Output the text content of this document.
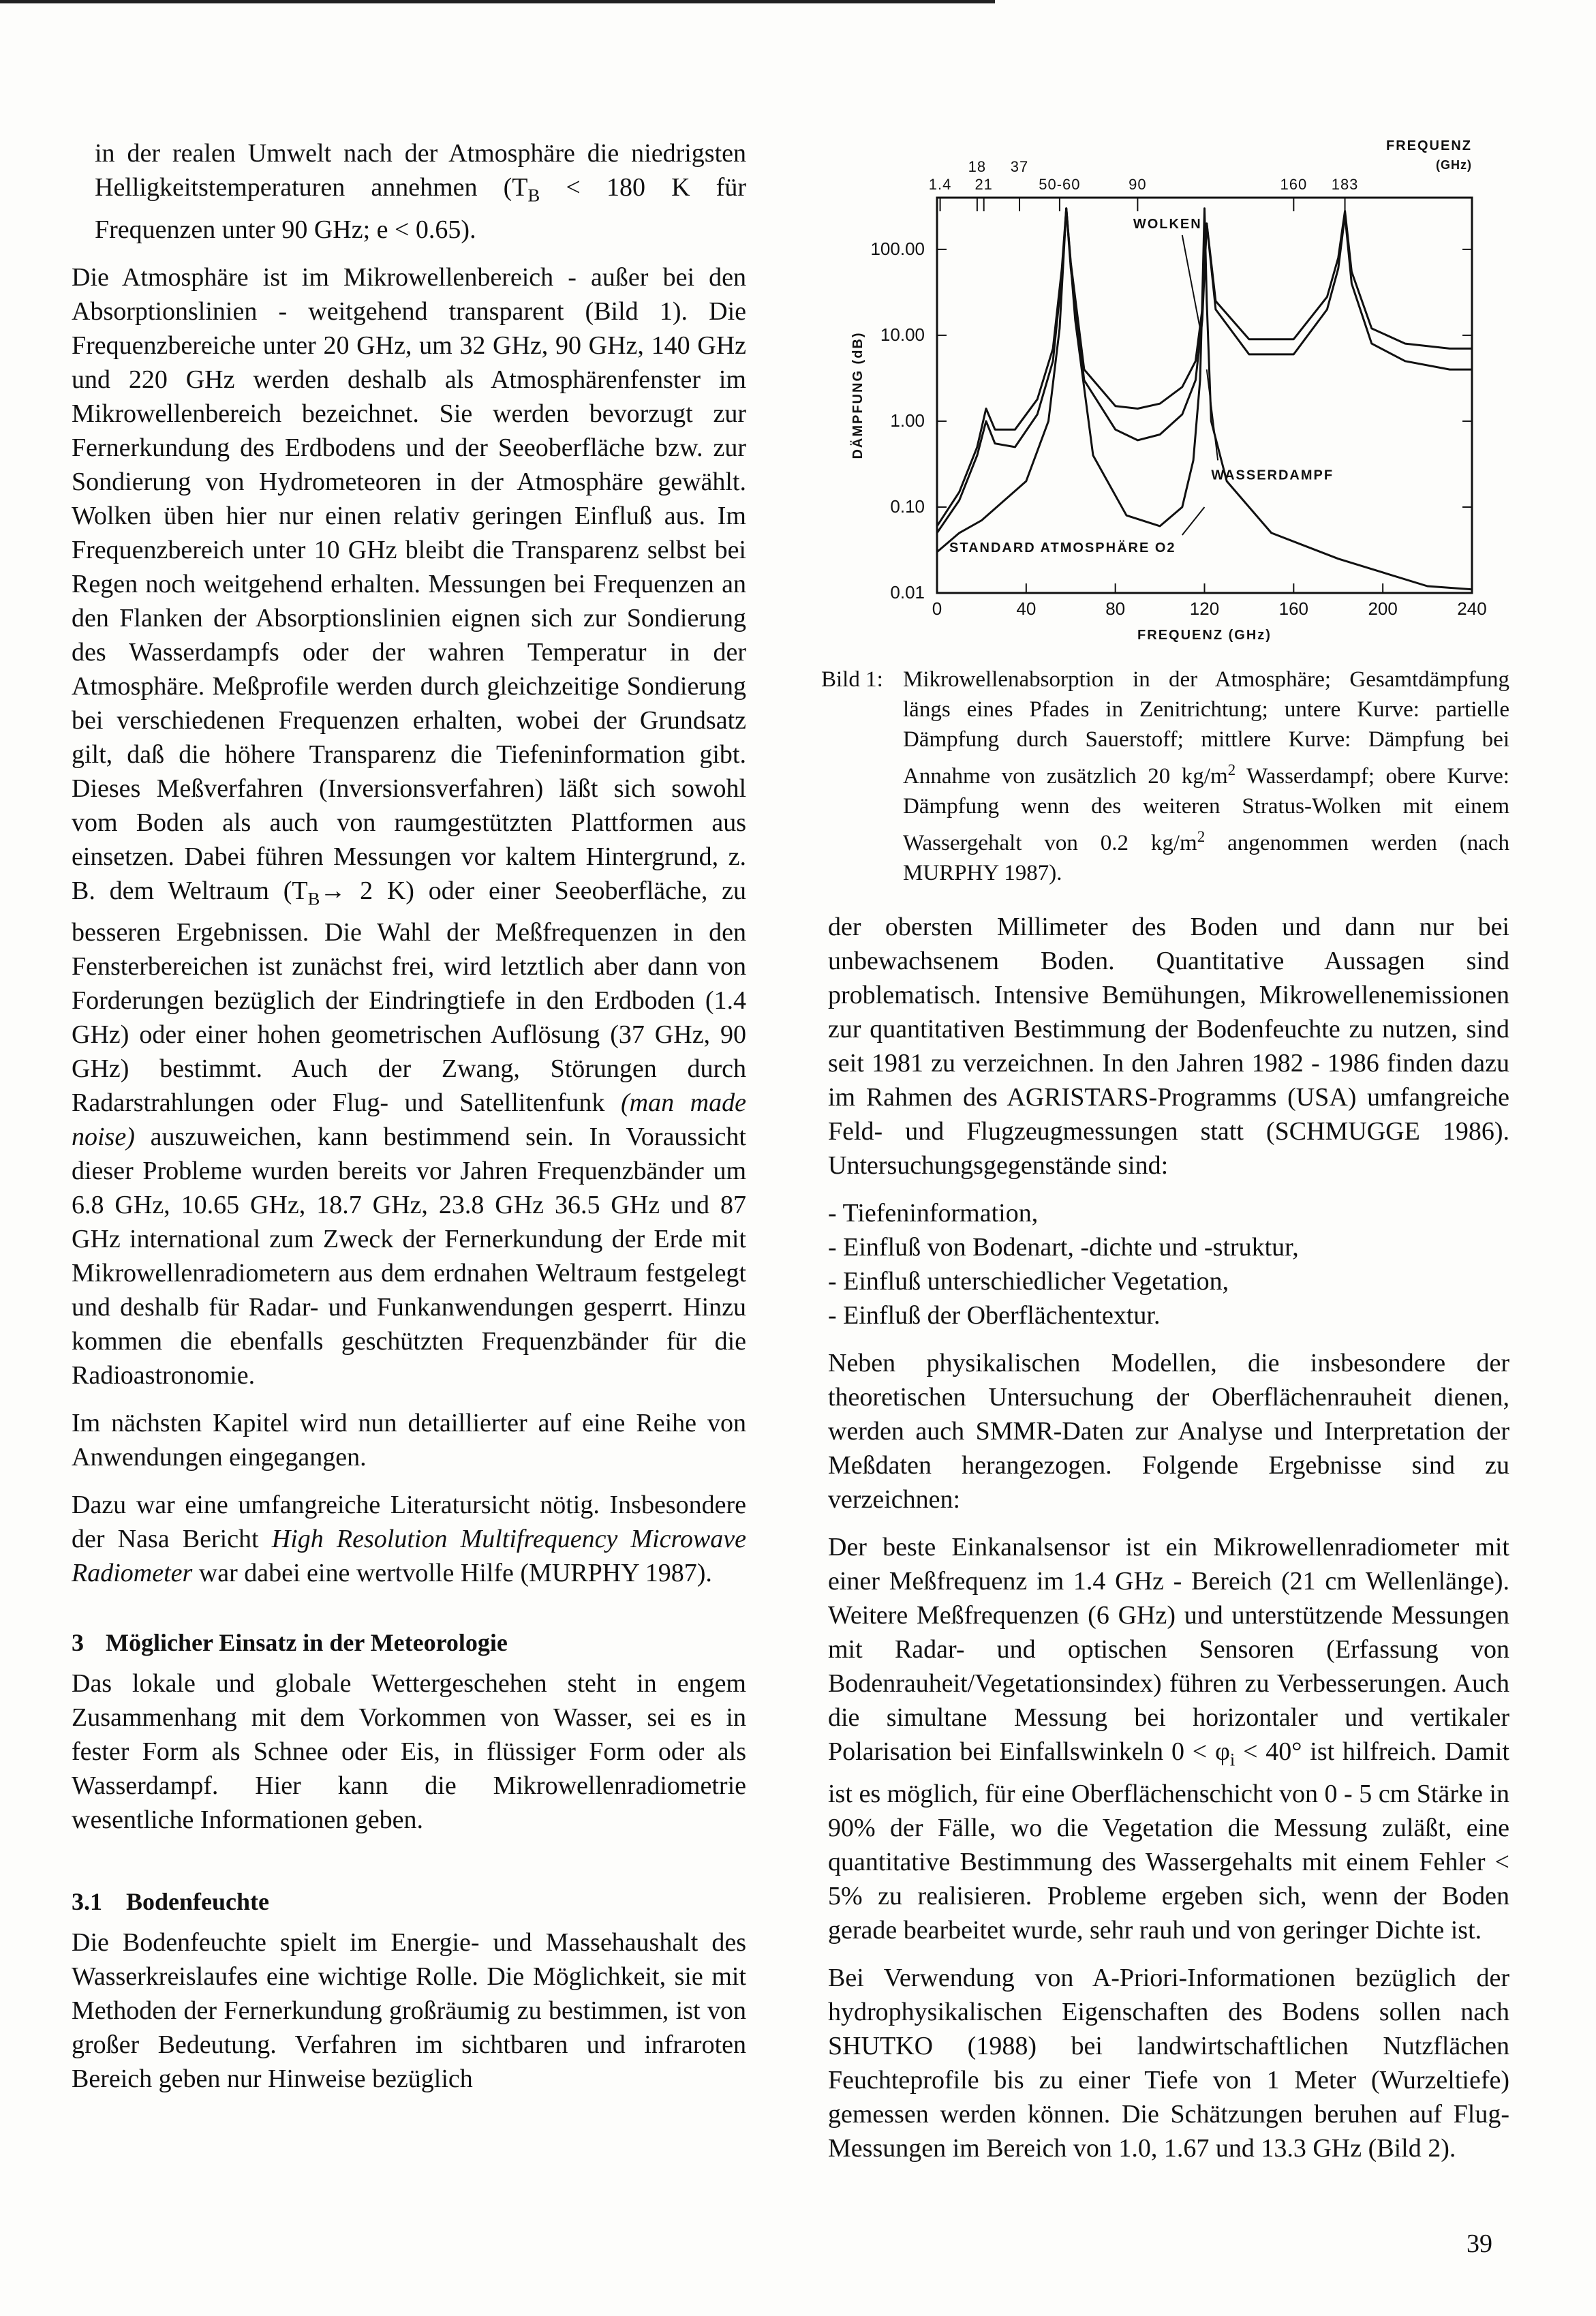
in der realen Umwelt nach der Atmosphäre die niedrigsten Helligkeitstemperaturen annehmen ($T_B < 180$ K für Frequenzen unter 90 GHz; e < 0.65).

Die Atmosphäre ist im Mikrowellenbereich - außer bei den Absorptionslinien - weitgehend transparent (Bild 1). Die Frequenzbereiche unter 20 GHz, um 32 GHz, 90 GHz, 140 GHz und 220 GHz werden deshalb als Atmosphärenfenster im Mikrowellenbereich bezeichnet. Sie werden bevorzugt zur Fernerkundung des Erdbodens und der Seeoberfläche bzw. zur Sondierung von Hydrometeoren in der Atmosphäre gewählt. Wolken üben hier nur einen relativ geringen Einfluß aus. Im Frequenzbereich unter 10 GHz bleibt die Transparenz selbst bei Regen noch weitgehend erhalten. Messungen bei Frequenzen an den Flanken der Absorptionslinien eignen sich zur Sondierung des Wasserdampfs oder der wahren Temperatur in der Atmosphäre. Meßprofile werden durch gleichzeitige Sondierung bei verschiedenen Frequenzen erhalten, wobei der Grundsatz gilt, daß die höhere Transparenz die Tiefeninformation gibt. Dieses Meßverfahren (Inversionsverfahren) läßt sich sowohl vom Boden als auch von raumgestützten Plattformen aus einsetzen. Dabei führen Messungen vor kaltem Hintergrund, z. B. dem Weltraum ($T_B\to 2$ K) oder einer Seeoberfläche, zu besseren Ergebnissen. Die Wahl der Meßfrequenzen in den Fensterbereichen ist zunächst frei, wird letztlich aber dann von Forderungen bezüglich der Eindringtiefe in den Erdboden (1.4 GHz) oder einer hohen geometrischen Auflösung (37 GHz, 90 GHz) bestimmt. Auch der Zwang, Störungen durch Radarstrahlungen oder Flug- und Satellitenfunk (man made noise) auszuweichen, kann bestimmend sein. In Voraussicht dieser Probleme wurden bereits vor Jahren Frequenzbänder um 6.8 GHz, 10.65 GHz, 18.7 GHz, 23.8 GHz 36.5 GHz und 87 GHz international zum Zweck der Fernerkundung der Erde mit Mikrowellenradiometern aus dem erdnahen Weltraum festgelegt und deshalb für Radar- und Funkanwendungen gesperrt. Hinzu kommen die ebenfalls geschützten Frequenzbänder für die Radioastronomie.

Im nächsten Kapitel wird nun detaillierter auf eine Reihe von Anwendungen eingegangen.

Dazu war eine umfangreiche Literatursicht nötig. Insbesondere der Nasa Bericht High Resolution Multifrequency Microwave Radiometer war dabei eine wertvolle Hilfe (MURPHY 1987).

3 Möglicher Einsatz in der Meteorologie

Das lokale und globale Wettergeschehen steht in engem Zusammenhang mit dem Vorkommen von Wasser, sei es in fester Form als Schnee oder Eis, in flüssiger Form oder als Wasserdampf. Hier kann die Mikrowellenradiometrie wesentliche Informationen geben.

3.1 Bodenfeuchte

Die Bodenfeuchte spielt im Energie- und Massehaushalt des Wasserkreislaufes eine wichtige Rolle. Die Möglichkeit, sie mit Methoden der Fernerkundung großräumig zu bestimmen, ist von großer Bedeutung. Verfahren im sichtbaren und infraroten Bereich geben nur Hinweise bezüglich

0.01
0.10
1.00
10.00
100.00
0	40	80	120	160	200	240
1.4
18
21
37
50-60	90	160 183
FREQUENZ
(GHz)
FREQUENZ (GHz)
DÄMPFUNG (dB)
WOLKEN
WASSERDAMPF
STANDARD ATMOSPHÄRE O2
Bild 1: Mikrowellenabsorption in der Atmosphäre; Gesamtdämpfung längs eines Pfades in Zenitrichtung; untere Kurve: partielle Dämpfung durch Sauerstoff; mittlere Kurve: Dämpfung bei Annahme von zusätzlich 20 $kg/m^2$ Wasserdampf; obere Kurve: Dämpfung wenn des weiteren Stratus-Wolken mit einem Wassergehalt von 0.2 $kg/m^2$ angenommen werden (nach MURPHY 1987).

der obersten Millimeter des Boden und dann nur bei unbewachsenem Boden. Quantitative Aussagen sind problematisch. Intensive Bemühungen, Mikrowellenemissionen zur quantitativen Bestimmung der Bodenfeuchte zu nutzen, sind seit 1981 zu verzeichnen. In den Jahren 1982 - 1986 finden dazu im Rahmen des AGRISTARS-Programms (USA) umfangreiche Feld- und Flugzeugmessungen statt (SCHMUGGE 1986). Untersuchungsgegenstände sind:

- Tiefeninformation,
- Einfluß von Bodenart, -dichte und -struktur,
- Einfluß unterschiedlicher Vegetation,
- Einfluß der Oberflächentextur.

Neben physikalischen Modellen, die insbesondere der theoretischen Untersuchung der Oberflächenrauheit dienen, werden auch SMMR-Daten zur Analyse und Interpretation der Meßdaten herangezogen. Folgende Ergebnisse sind zu verzeichnen:

Der beste Einkanalsensor ist ein Mikrowellenradiometer mit einer Meßfrequenz im 1.4 GHz - Bereich (21 cm Wellenlänge). Weitere Meßfrequenzen (6 GHz) und unterstützende Messungen mit Radar- und optischen Sensoren (Erfassung von Bodenrauheit/Vegetationsindex) führen zu Verbesserungen. Auch die simultane Messung bei horizontaler und vertikaler Polarisation bei Einfallswinkeln $0 < \varphi_i < 40^\circ$ ist hilfreich. Damit ist es möglich, für eine Oberflächenschicht von 0 - 5 cm Stärke in 90% der Fälle, wo die Vegetation die Messung zuläßt, eine quantitative Bestimmung des Wassergehalts mit einem Fehler < 5% zu realisieren. Probleme ergeben sich, wenn der Boden gerade bearbeitet wurde, sehr rauh und von geringer Dichte ist.

Bei Verwendung von A-Priori-Informationen bezüglich der hydrophysikalischen Eigenschaften des Bodens sollen nach SHUTKO (1988) bei landwirtschaftlichen Nutzflächen Feuchteprofile bis zu einer Tiefe von 1 Meter (Wurzeltiefe) gemessen werden können. Die Schätzungen beruhen auf Flug-Messungen im Bereich von 1.0, 1.67 und 13.3 GHz (Bild 2).

39
